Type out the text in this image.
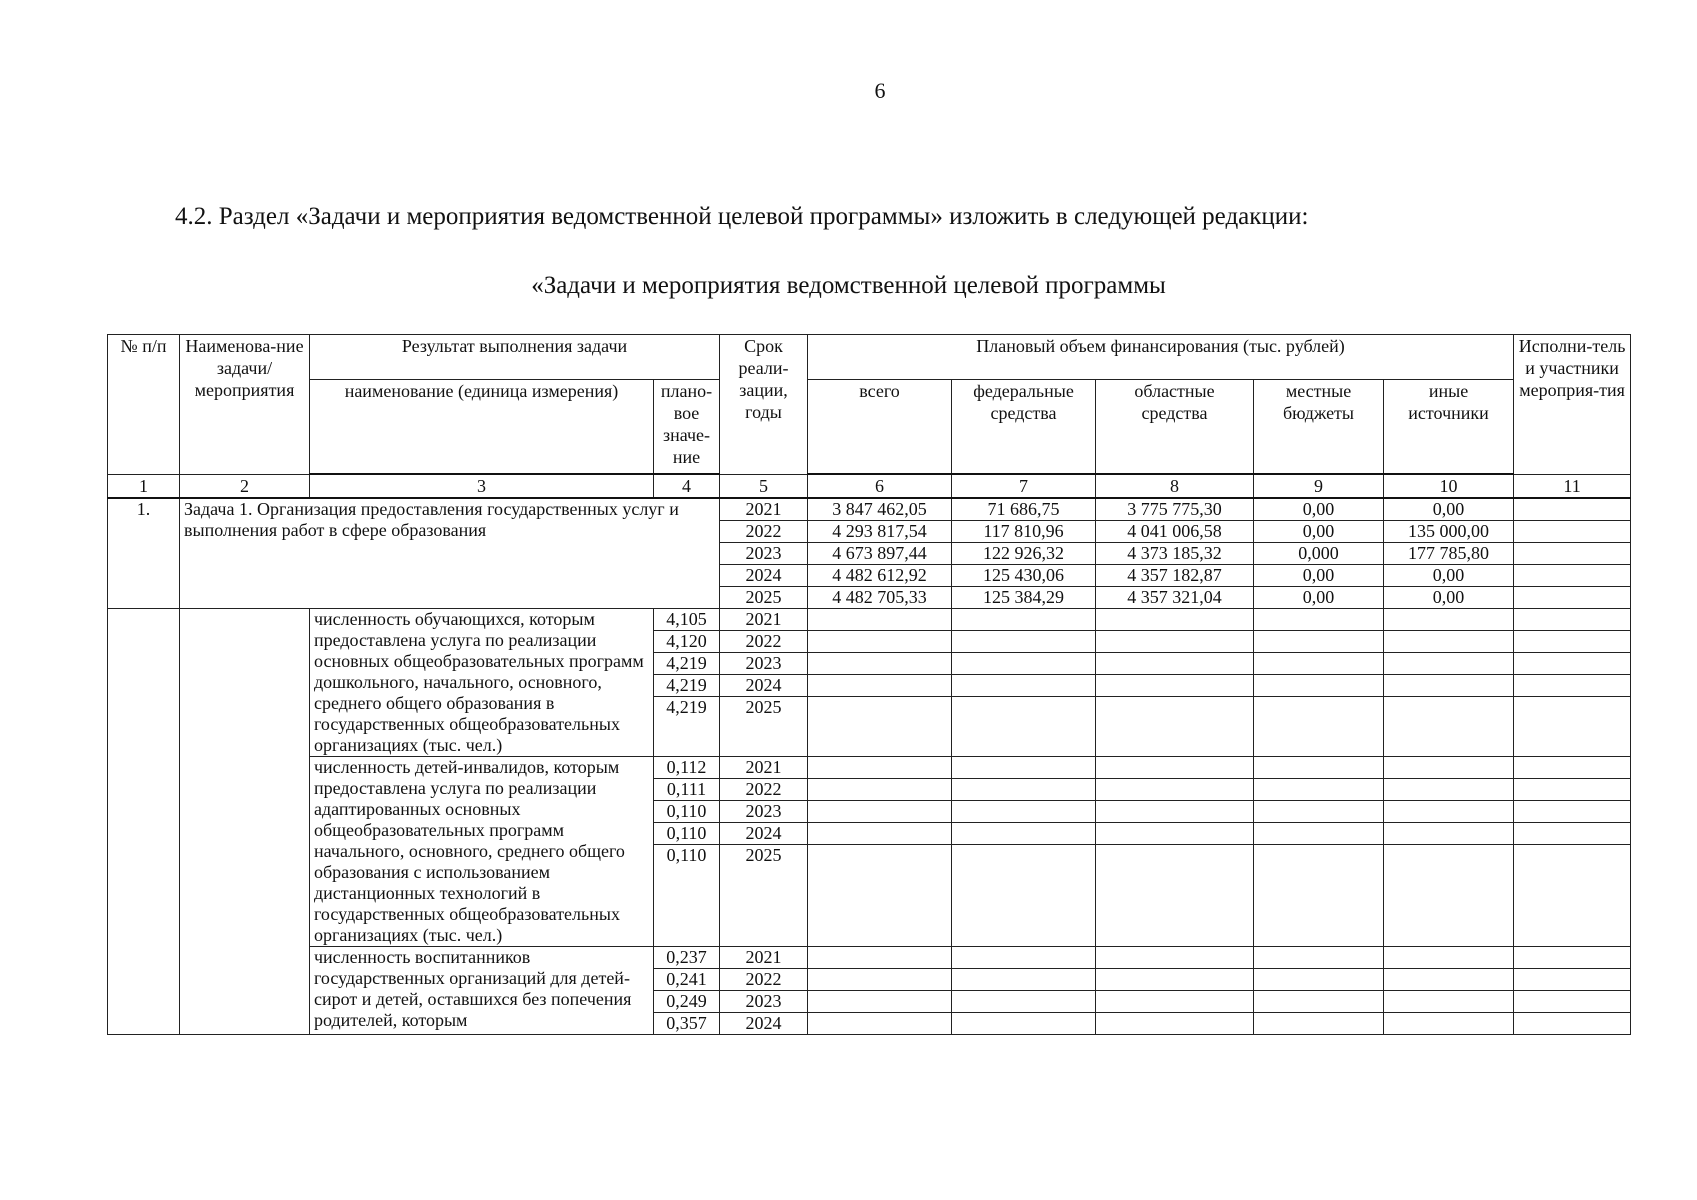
6
4.2. Раздел «Задачи и мероприятия ведомственной целевой программы» изложить в следующей редакции:
«Задачи и мероприятия ведомственной целевой программы
№ п/п	Наименова-ние задачи/ мероприятия	Результат выполнения задачи		Срок реали-зации, годы	Плановый объем финансирования (тыс. рублей)					Исполни-тель и участники мероприя-тия
		наименование (единица измерения)	плано-вое значе-ние		всего	федеральные средства	областные средства	местные бюджеты	иные источники	
1	2	3	4	5	6	7	8	9	10	11
1.	Задача 1. Организация предоставления государственных услуг и выполнения работ в сфере образования			2021	3 847 462,05	71 686,75	3 775 775,30	0,00	0,00	
				2022	4 293 817,54	117 810,96	4 041 006,58	0,00	135 000,00	
				2023	4 673 897,44	122 926,32	4 373 185,32	0,000	177 785,80	
				2024	4 482 612,92	125 430,06	4 357 182,87	0,00	0,00	
				2025	4 482 705,33	125 384,29	4 357 321,04	0,00	0,00	
		численность обучающихся, которым предоставлена услуга по реализации основных общеобразовательных программ дошкольного, начального, основного, среднего общего образования в государственных общеобразовательных организациях (тыс. чел.)	4,105	2021						
			4,120	2022						
			4,219	2023						
			4,219	2024						
			4,219	2025						
		численность детей-инвалидов, которым предоставлена услуга по реализации адаптированных основных общеобразовательных программ начального, основного, среднего общего образования с использованием дистанционных технологий в государственных общеобразовательных организациях (тыс. чел.)	0,112	2021						
			0,111	2022						
			0,110	2023						
			0,110	2024						
			0,110	2025						
		численность воспитанников государственных организаций для детей-сирот и детей, оставшихся без попечения родителей, которым	0,237	2021						
			0,241	2022						
			0,249	2023						
			0,357	2024						
